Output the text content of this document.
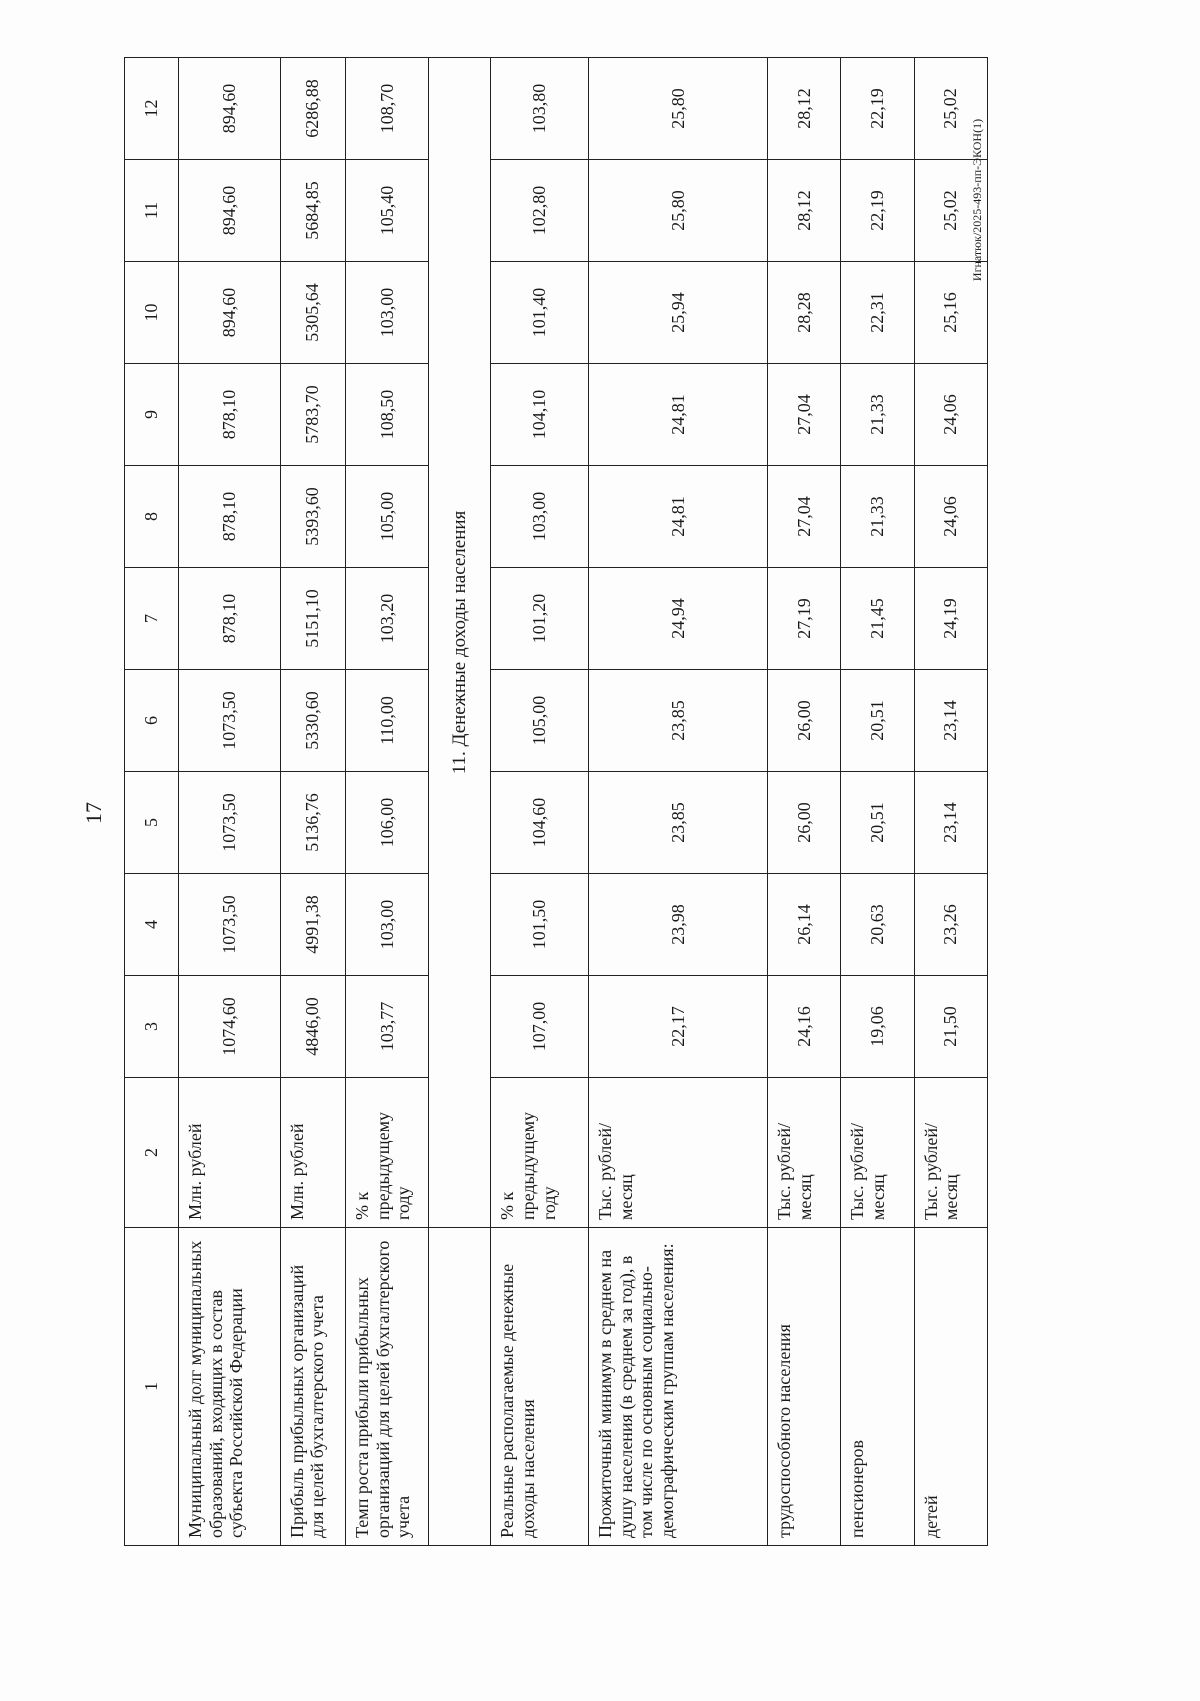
17
1	2	3	4	5	6	7	8	9	10	11	12
Муниципальный долг муниципальных образований, входящих в состав субъекта Российской Федерации	Млн. рублей	1074,60	1073,50	1073,50	1073,50	878,10	878,10	878,10	894,60	894,60	894,60
Прибыль прибыльных организаций для целей бухгалтерского учета	Млн. рублей	4846,00	4991,38	5136,76	5330,60	5151,10	5393,60	5783,70	5305,64	5684,85	6286,88
Темп роста прибыли прибыльных организаций для целей бухгалтерского учета	% к предыдущему году	103,77	103,00	106,00	110,00	103,20	105,00	108,50	103,00	105,40	108,70
	11. Денежные доходы населения										
Реальные располагаемые денежные доходы населения	% к предыдущему году	107,00	101,50	104,60	105,00	101,20	103,00	104,10	101,40	102,80	103,80
Прожиточный минимум в среднем на душу населения (в среднем за год), в том числе по основным социально-демографическим группам населения:	Тыс. рублей/ месяц	22,17	23,98	23,85	23,85	24,94	24,81	24,81	25,94	25,80	25,80
трудоспособного населения	Тыс. рублей/ месяц	24,16	26,14	26,00	26,00	27,19	27,04	27,04	28,28	28,12	28,12
пенсионеров	Тыс. рублей/ месяц	19,06	20,63	20,51	20,51	21,45	21,33	21,33	22,31	22,19	22,19
детей	Тыс. рублей/ месяц	21,50	23,26	23,14	23,14	24,19	24,06	24,06	25,16	25,02	25,02
Игнатюк/2025-493-пп-ЭКОН(1)
